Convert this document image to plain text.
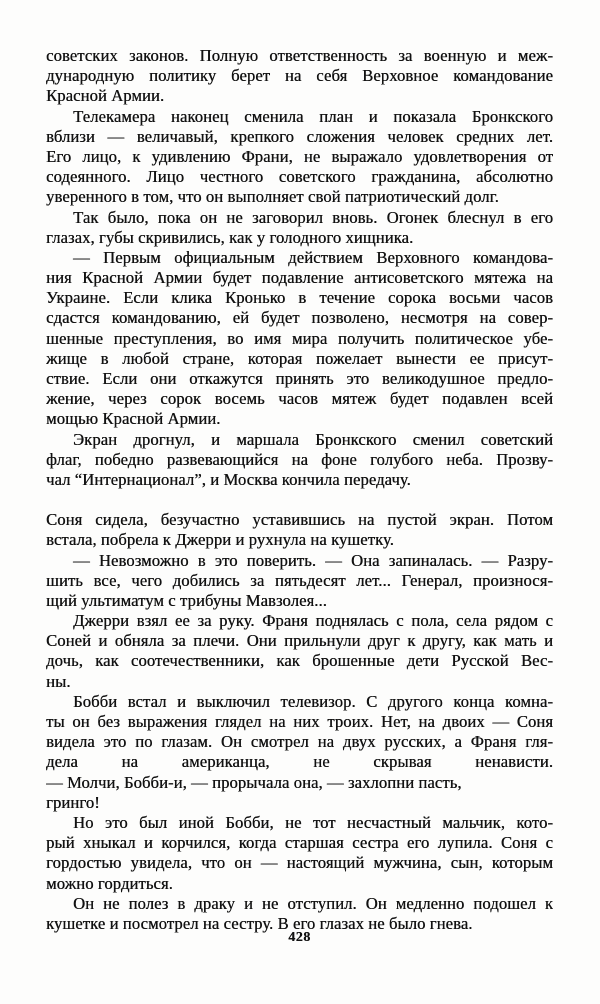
советских законов. Полную ответственность за военную и меж-
дународную политику берет на себя Верховное командование
Красной Армии.
Телекамера наконец сменила план и показала Бронкского
вблизи — величавый, крепкого сложения человек средних лет.
Его лицо, к удивлению Франи, не выражало удовлетворения от
содеянного. Лицо честного советского гражданина, абсолютно
уверенного в том, что он выполняет свой патриотический долг.
Так было, пока он не заговорил вновь. Огонек блеснул в его
глазах, губы скривились, как у голодного хищника.
— Первым официальным действием Верховного командова-
ния Красной Армии будет подавление антисоветского мятежа на
Украине. Если клика Кронько в течение сорока восьми часов
сдастся командованию, ей будет позволено, несмотря на совер-
шенные преступления, во имя мира получить политическое убе-
жище в любой стране, которая пожелает вынести ее присут-
ствие. Если они откажутся принять это великодушное предло-
жение, через сорок восемь часов мятеж будет подавлен всей
мощью Красной Армии.
Экран дрогнул, и маршала Бронкского сменил советский
флаг, победно развевающийся на фоне голубого неба. Прозву-
чал “Интернационал”, и Москва кончила передачу.
Соня сидела, безучастно уставившись на пустой экран. Потом
встала, побрела к Джерри и рухнула на кушетку.
— Невозможно в это поверить. — Она запиналась. — Разру-
шить все, чего добились за пятьдесят лет... Генерал, произнося-
щий ультиматум с трибуны Мавзолея...
Джерри взял ее за руку. Франя поднялась с пола, села рядом с
Соней и обняла за плечи. Они прильнули друг к другу, как мать и
дочь, как соотечественники, как брошенные дети Русской Вес-
ны.
Бобби встал и выключил телевизор. С другого конца комна-
ты он без выражения глядел на них троих. Нет, на двоих — Соня
видела это по глазам. Он смотрел на двух русских, а Франя гля-
дела на американца, не скрывая ненависти.
— Молчи, Бобби-и, — прорычала она, — захлопни пасть,
гринго!
Но это был иной Бобби, не тот несчастный мальчик, кото-
рый хныкал и корчился, когда старшая сестра его лупила. Соня с
гордостью увидела, что он — настоящий мужчина, сын, которым
можно гордиться.
Он не полез в драку и не отступил. Он медленно подошел к
кушетке и посмотрел на сестру. В его глазах не было гнева.
428
